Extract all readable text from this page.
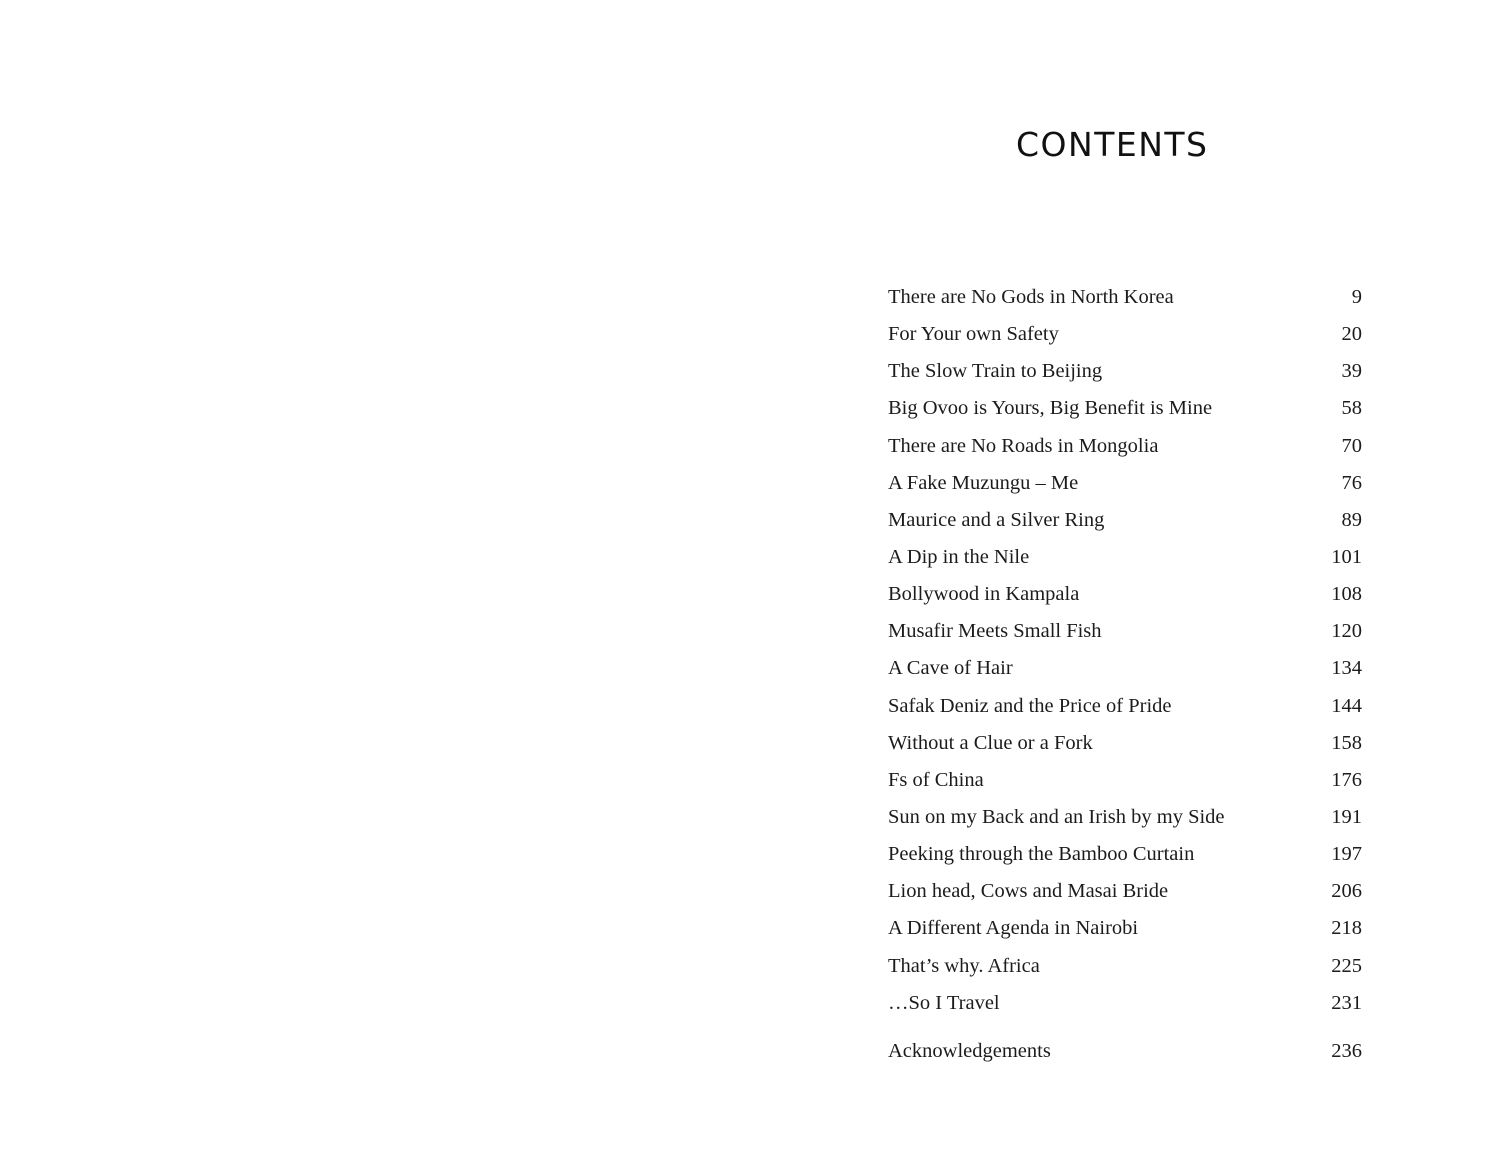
CONTENTS
There are No Gods in North Korea	9
For Your own Safety	20
The Slow Train to Beijing	39
Big Ovoo is Yours, Big Benefit is Mine	58
There are No Roads in Mongolia	70
A Fake Muzungu – Me	76
Maurice and a Silver Ring	89
A Dip in the Nile	101
Bollywood in Kampala	108
Musafir Meets Small Fish	120
A Cave of Hair	134
Safak Deniz and the Price of Pride	144
Without a Clue or a Fork	158
Fs of China	176
Sun on my Back and an Irish by my Side	191
Peeking through the Bamboo Curtain	197
Lion head, Cows and Masai Bride	206
A Different Agenda in Nairobi	218
That’s why. Africa	225
…So I Travel	231
Acknowledgements	236
